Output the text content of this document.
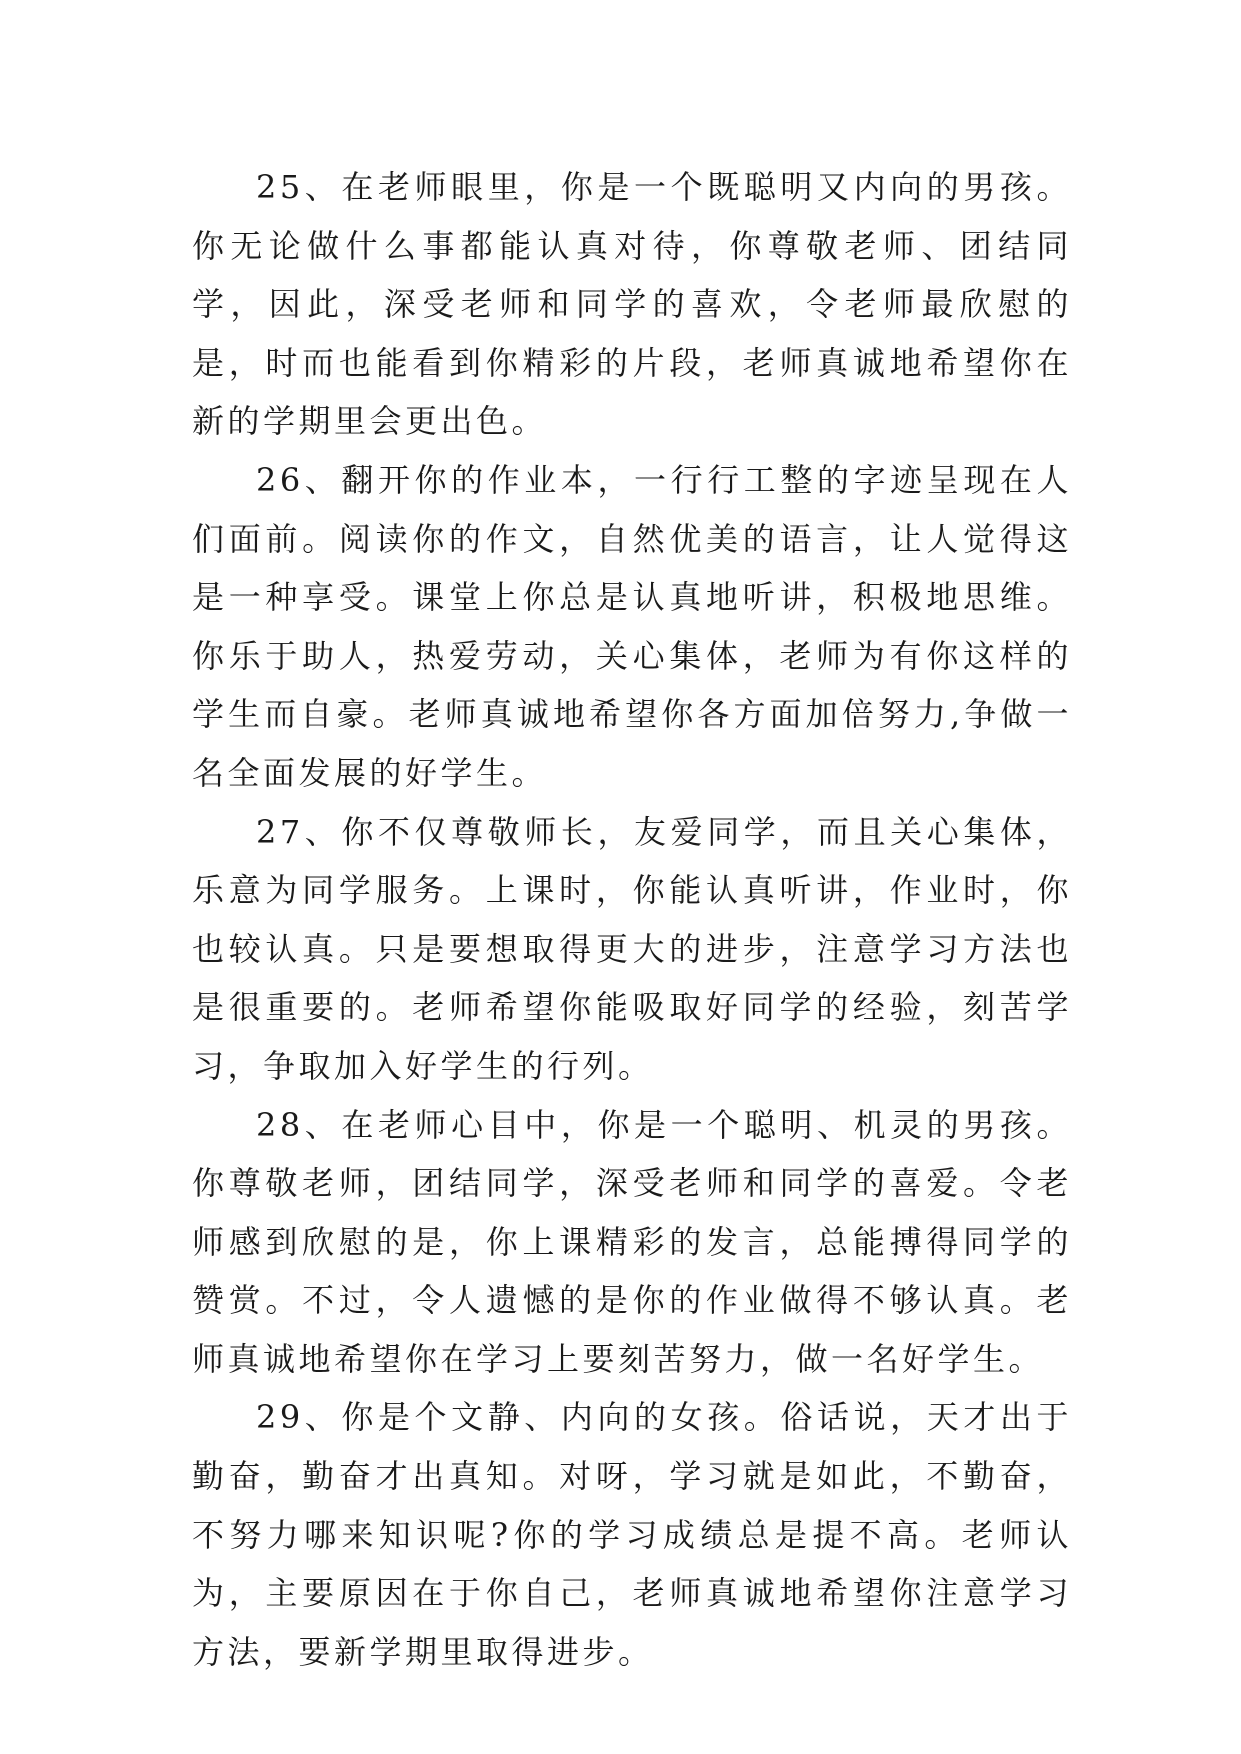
25、在老师眼里，你是一个既聪明又内向的男孩。你无论做什么事都能认真对待，你尊敬老师、团结同学，因此，深受老师和同学的喜欢，令老师最欣慰的是，时而也能看到你精彩的片段，老师真诚地希望你在新的学期里会更出色。

26、翻开你的作业本，一行行工整的字迹呈现在人们面前。阅读你的作文，自然优美的语言，让人觉得这是一种享受。课堂上你总是认真地听讲，积极地思维。你乐于助人，热爱劳动，关心集体，老师为有你这样的学生而自豪。老师真诚地希望你各方面加倍努力,争做一名全面发展的好学生。

27、你不仅尊敬师长，友爱同学，而且关心集体，乐意为同学服务。上课时，你能认真听讲，作业时，你也较认真。只是要想取得更大的进步，注意学习方法也是很重要的。老师希望你能吸取好同学的经验，刻苦学习，争取加入好学生的行列。

28、在老师心目中，你是一个聪明、机灵的男孩。你尊敬老师，团结同学，深受老师和同学的喜爱。令老师感到欣慰的是，你上课精彩的发言，总能搏得同学的赞赏。不过，令人遗憾的是你的作业做得不够认真。老师真诚地希望你在学习上要刻苦努力，做一名好学生。

29、你是个文静、内向的女孩。俗话说，天才出于勤奋，勤奋才出真知。对呀，学习就是如此，不勤奋，不努力哪来知识呢?你的学习成绩总是提不高。老师认为，主要原因在于你自己，老师真诚地希望你注意学习方法，要新学期里取得进步。
